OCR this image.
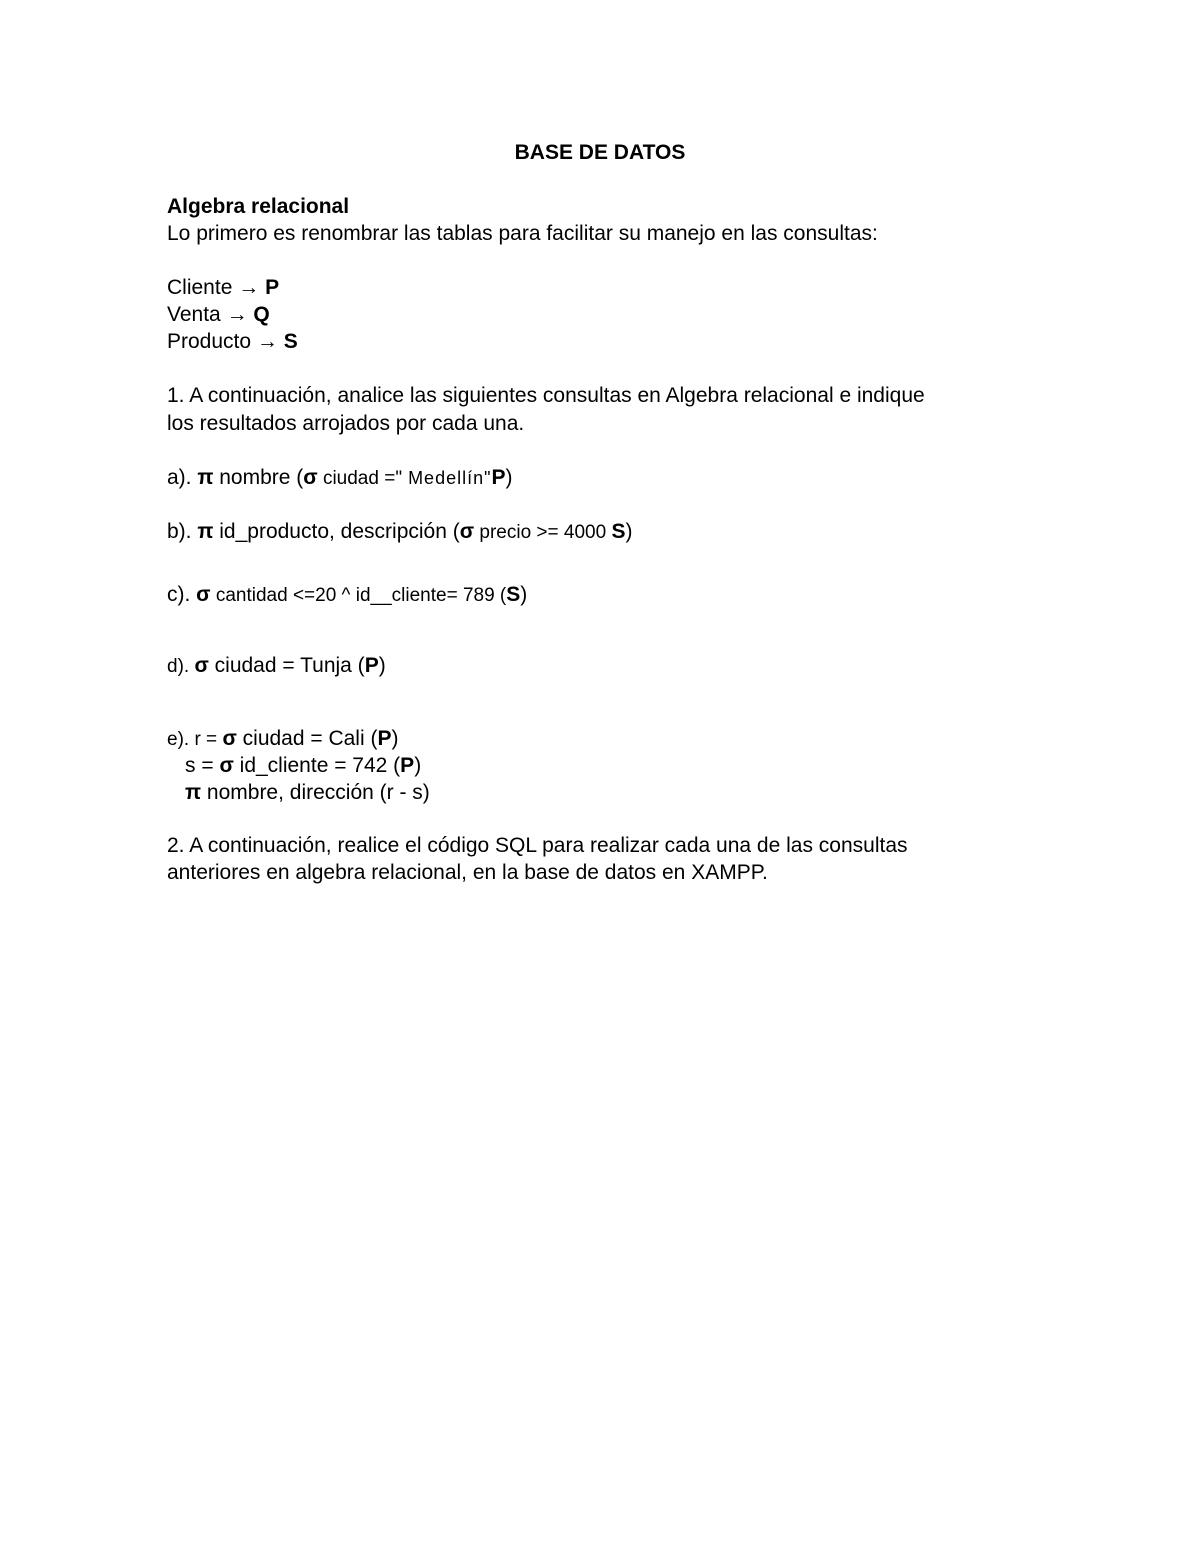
BASE DE DATOS
Algebra relacional
Lo primero es renombrar las tablas para facilitar su manejo en las consultas:
Cliente → P
Venta → Q
Producto → S
1. A continuación, analice las siguientes consultas en Algebra relacional e indique
los resultados arrojados por cada una.
a). π nombre (σ ciudad =" Medellín"P)
b). π id_producto, descripción (σ precio >= 4000 S)
c). σ cantidad <=20 ^ id__cliente= 789 (S)
d). σ ciudad = Tunja (P)
e). r = σ ciudad = Cali (P)
s = σ id_cliente = 742 (P)
π nombre, dirección (r - s)
2. A continuación, realice el código SQL para realizar cada una de las consultas
anteriores en algebra relacional, en la base de datos en XAMPP.
